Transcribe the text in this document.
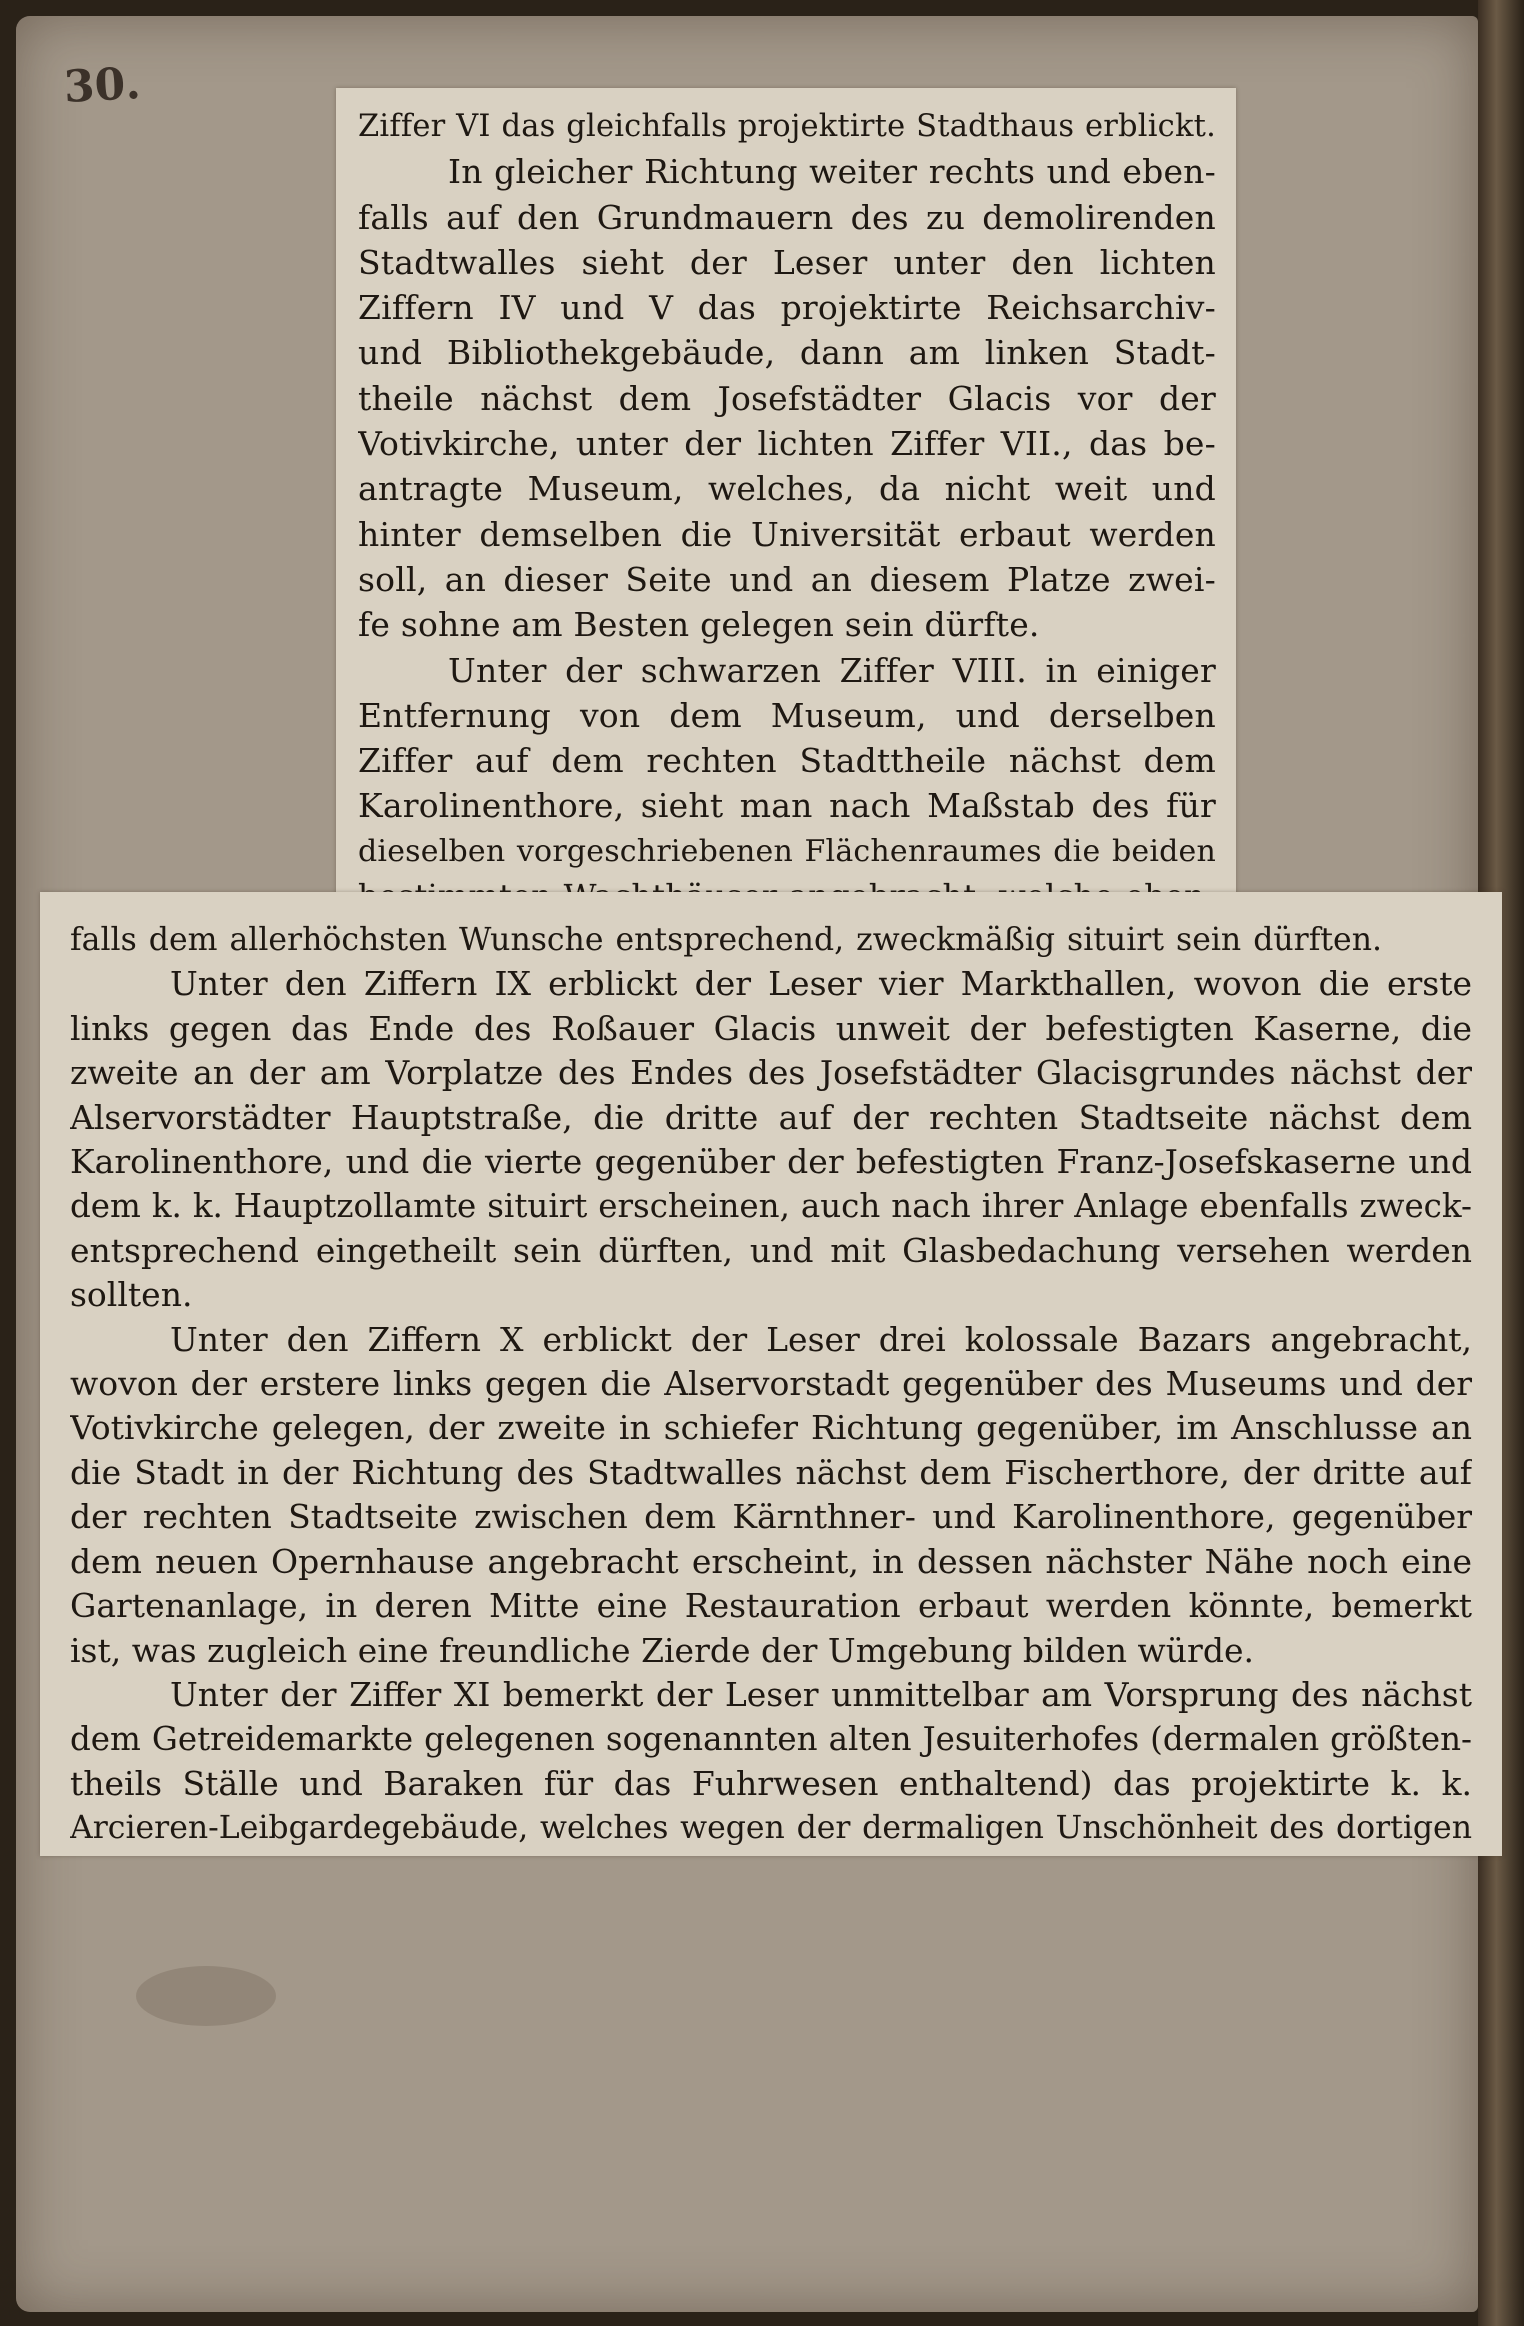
30.
Ziffer VI das gleichfalls projektirte Stadthaus erblickt.
In gleicher Richtung weiter rechts und eben-
falls auf den Grundmauern des zu demolirenden
Stadtwalles sieht der Leser unter den lichten
Ziffern IV und V das projektirte Reichsarchiv-
und Bibliothekgebäude, dann am linken Stadt-
theile nächst dem Josefstädter Glacis vor der
Votivkirche, unter der lichten Ziffer VII., das be-
antragte Museum, welches, da nicht weit und
hinter demselben die Universität erbaut werden
soll, an dieser Seite und an diesem Platze zwei-
fe sohne am Besten gelegen sein dürfte.
Unter der schwarzen Ziffer VIII. in einiger
Entfernung von dem Museum, und derselben
Ziffer auf dem rechten Stadttheile nächst dem
Karolinenthore, sieht man nach Maßstab des für
dieselben vorgeschriebenen Flächenraumes die beiden
falls dem allerhöchsten Wunsche entsprechend, zweckmäßig situirt sein dürften.
Unter den Ziffern IX erblickt der Leser vier Markthallen, wovon die erste
links gegen das Ende des Roßauer Glacis unweit der befestigten Kaserne, die
zweite an der am Vorplatze des Endes des Josefstädter Glacisgrundes nächst der
Alservorstädter Hauptstraße, die dritte auf der rechten Stadtseite nächst dem
Karolinenthore, und die vierte gegenüber der befestigten Franz-Josefskaserne und
dem k. k. Hauptzollamte situirt erscheinen, auch nach ihrer Anlage ebenfalls zweck-
entsprechend eingetheilt sein dürften, und mit Glasbedachung versehen werden
sollten.
Unter den Ziffern X erblickt der Leser drei kolossale Bazars angebracht,
wovon der erstere links gegen die Alservorstadt gegenüber des Museums und der
Votivkirche gelegen, der zweite in schiefer Richtung gegenüber, im Anschlusse an
die Stadt in der Richtung des Stadtwalles nächst dem Fischerthore, der dritte auf
der rechten Stadtseite zwischen dem Kärnthner- und Karolinenthore, gegenüber
dem neuen Opernhause angebracht erscheint, in dessen nächster Nähe noch eine
Gartenanlage, in deren Mitte eine Restauration erbaut werden könnte, bemerkt
ist, was zugleich eine freundliche Zierde der Umgebung bilden würde.
Unter der Ziffer XI bemerkt der Leser unmittelbar am Vorsprung des nächst
dem Getreidemarkte gelegenen sogenannten alten Jesuiterhofes (dermalen größten-
theils Ställe und Baraken für das Fuhrwesen enthaltend) das projektirte k. k.
Arcieren-Leibgardegebäude, welches wegen der dermaligen Unschönheit des dortigen
